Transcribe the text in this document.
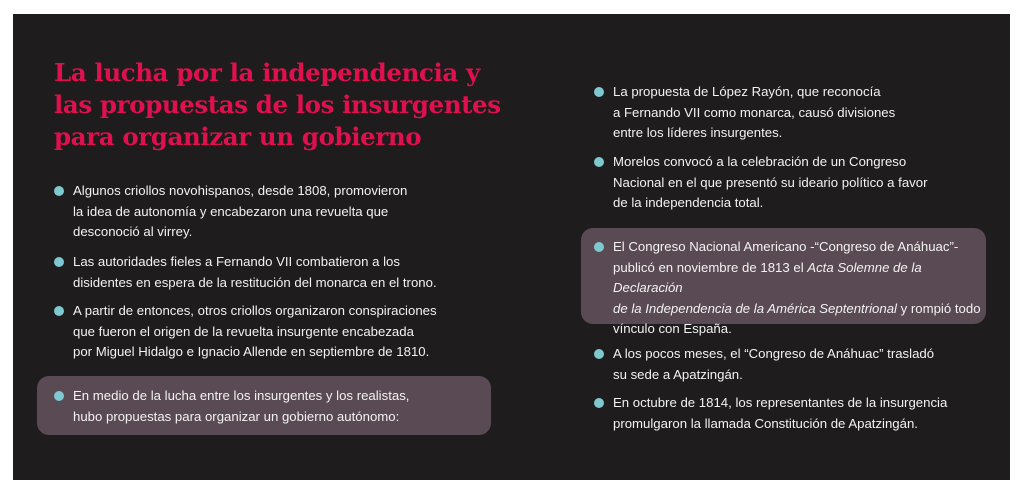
La lucha por la independencia y
las propuestas de los insurgentes
para organizar un gobierno

Algunos criollos novohispanos, desde 1808, promovieron
la idea de autonomía y encabezaron una revuelta que
desconoció al virrey.

Las autoridades fieles a Fernando VII combatieron a los
disidentes en espera de la restitución del monarca en el trono.

A partir de entonces, otros criollos organizaron conspiraciones
que fueron el origen de la revuelta insurgente encabezada
por Miguel Hidalgo e Ignacio Allende en septiembre de 1810.

En medio de la lucha entre los insurgentes y los realistas,
hubo propuestas para organizar un gobierno autónomo:

La propuesta de López Rayón, que reconocía
a Fernando VII como monarca, causó divisiones
entre los líderes insurgentes.

Morelos convocó a la celebración de un Congreso
Nacional en el que presentó su ideario político a favor
de la independencia total.

El Congreso Nacional Americano -“Congreso de Anáhuac”-
publicó en noviembre de 1813 el Acta Solemne de la Declaración
de la Independencia de la América Septentrional y rompió todo
vínculo con España.

A los pocos meses, el “Congreso de Anáhuac” trasladó
su sede a Apatzingán.

En octubre de 1814, los representantes de la insurgencia
promulgaron la llamada Constitución de Apatzingán.
